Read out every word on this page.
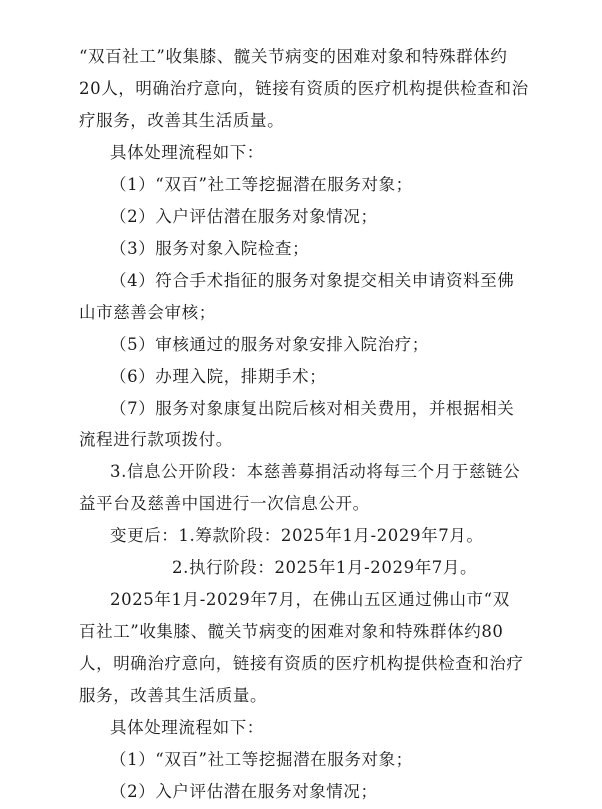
“双百社工”收集膝、髋关节病变的困难对象和特殊群体约
20人，明确治疗意向，链接有资质的医疗机构提供检查和治
疗服务，改善其生活质量。
具体处理流程如下：
（1）“双百”社工等挖掘潜在服务对象；
（2）入户评估潜在服务对象情况；
（3）服务对象入院检查；
（4）符合手术指征的服务对象提交相关申请资料至佛
山市慈善会审核；
（5）审核通过的服务对象安排入院治疗；
（6）办理入院，排期手术；
（7）服务对象康复出院后核对相关费用，并根据相关
流程进行款项拨付。
3.信息公开阶段：本慈善募捐活动将每三个月于慈链公
益平台及慈善中国进行一次信息公开。
变更后：1.筹款阶段：2025年1月-2029年7月。
2.执行阶段：2025年1月-2029年7月。
2025年1月-2029年7月，在佛山五区通过佛山市“双
百社工”收集膝、髋关节病变的困难对象和特殊群体约80
人，明确治疗意向，链接有资质的医疗机构提供检查和治疗
服务，改善其生活质量。
具体处理流程如下：
（1）“双百”社工等挖掘潜在服务对象；
（2）入户评估潜在服务对象情况；
